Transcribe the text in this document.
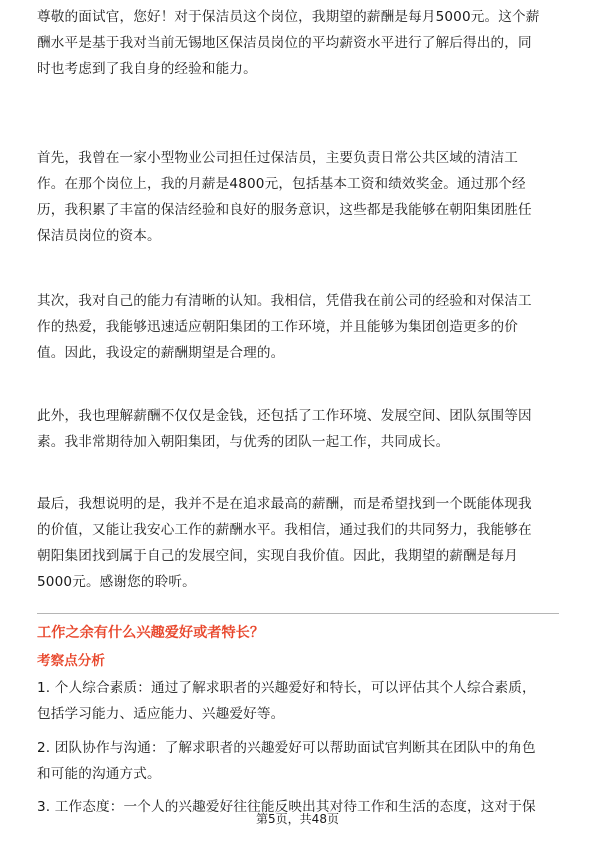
尊敬的面试官，您好！对于保洁员这个岗位，我期望的薪酬是每月5000元。这个薪
酬水平是基于我对当前无锡地区保洁员岗位的平均薪资水平进行了解后得出的，同
时也考虑到了我自身的经验和能力。

首先，我曾在一家小型物业公司担任过保洁员，主要负责日常公共区域的清洁工
作。在那个岗位上，我的月薪是4800元，包括基本工资和绩效奖金。通过那个经
历，我积累了丰富的保洁经验和良好的服务意识，这些都是我能够在朝阳集团胜任
保洁员岗位的资本。

其次，我对自己的能力有清晰的认知。我相信，凭借我在前公司的经验和对保洁工
作的热爱，我能够迅速适应朝阳集团的工作环境，并且能够为集团创造更多的价
值。因此，我设定的薪酬期望是合理的。

此外，我也理解薪酬不仅仅是金钱，还包括了工作环境、发展空间、团队氛围等因
素。我非常期待加入朝阳集团，与优秀的团队一起工作，共同成长。

最后，我想说明的是，我并不是在追求最高的薪酬，而是希望找到一个既能体现我
的价值，又能让我安心工作的薪酬水平。我相信，通过我们的共同努力，我能够在
朝阳集团找到属于自己的发展空间，实现自我价值。因此，我期望的薪酬是每月
5000元。感谢您的聆听。

工作之余有什么兴趣爱好或者特长？
考察点分析

1. 个人综合素质：通过了解求职者的兴趣爱好和特长，可以评估其个人综合素质，
包括学习能力、适应能力、兴趣爱好等。

2. 团队协作与沟通：了解求职者的兴趣爱好可以帮助面试官判断其在团队中的角色
和可能的沟通方式。

3. 工作态度：一个人的兴趣爱好往往能反映出其对待工作和生活的态度，这对于保

第5页，共48页
